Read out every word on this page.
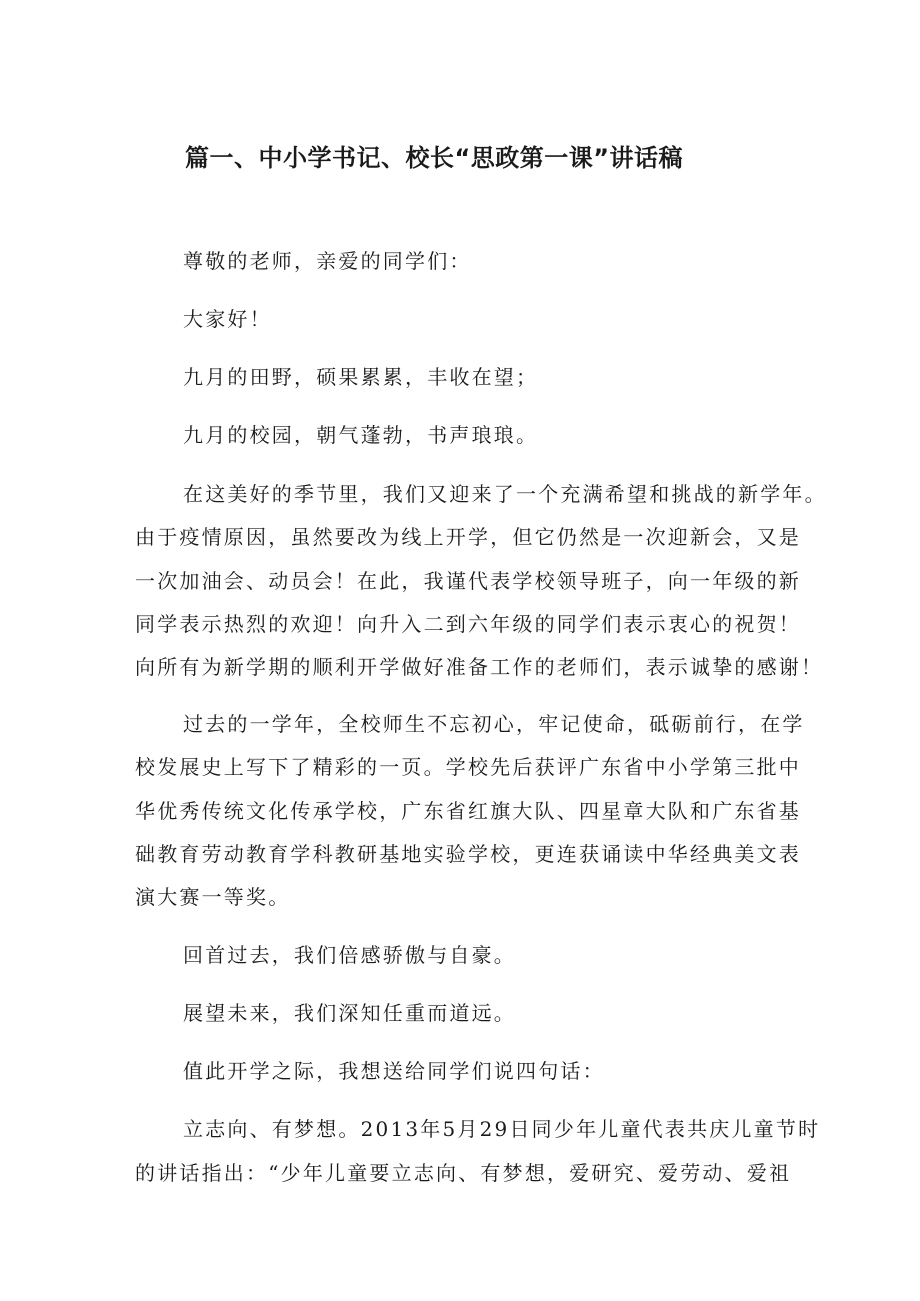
篇一、中小学书记、校长“思政第一课”讲话稿

尊敬的老师，亲爱的同学们：

大家好！

九月的田野，硕果累累，丰收在望；

九月的校园，朝气蓬勃，书声琅琅。

在这美好的季节里，我们又迎来了一个充满希望和挑战的新学年。

由于疫情原因，虽然要改为线上开学，但它仍然是一次迎新会，又是

一次加油会、动员会！在此，我谨代表学校领导班子，向一年级的新

同学表示热烈的欢迎！向升入二到六年级的同学们表示衷心的祝贺！

向所有为新学期的顺利开学做好准备工作的老师们，表示诚挚的感谢！

过去的一学年，全校师生不忘初心，牢记使命，砥砺前行，在学

校发展史上写下了精彩的一页。学校先后获评广东省中小学第三批中

华优秀传统文化传承学校，广东省红旗大队、四星章大队和广东省基

础教育劳动教育学科教研基地实验学校，更连获诵读中华经典美文表

演大赛一等奖。

回首过去，我们倍感骄傲与自豪。

展望未来，我们深知任重而道远。

值此开学之际，我想送给同学们说四句话：

立志向、有梦想。2013年5月29日同少年儿童代表共庆儿童节时

的讲话指出：“少年儿童要立志向、有梦想，爱研究、爱劳动、爱祖
